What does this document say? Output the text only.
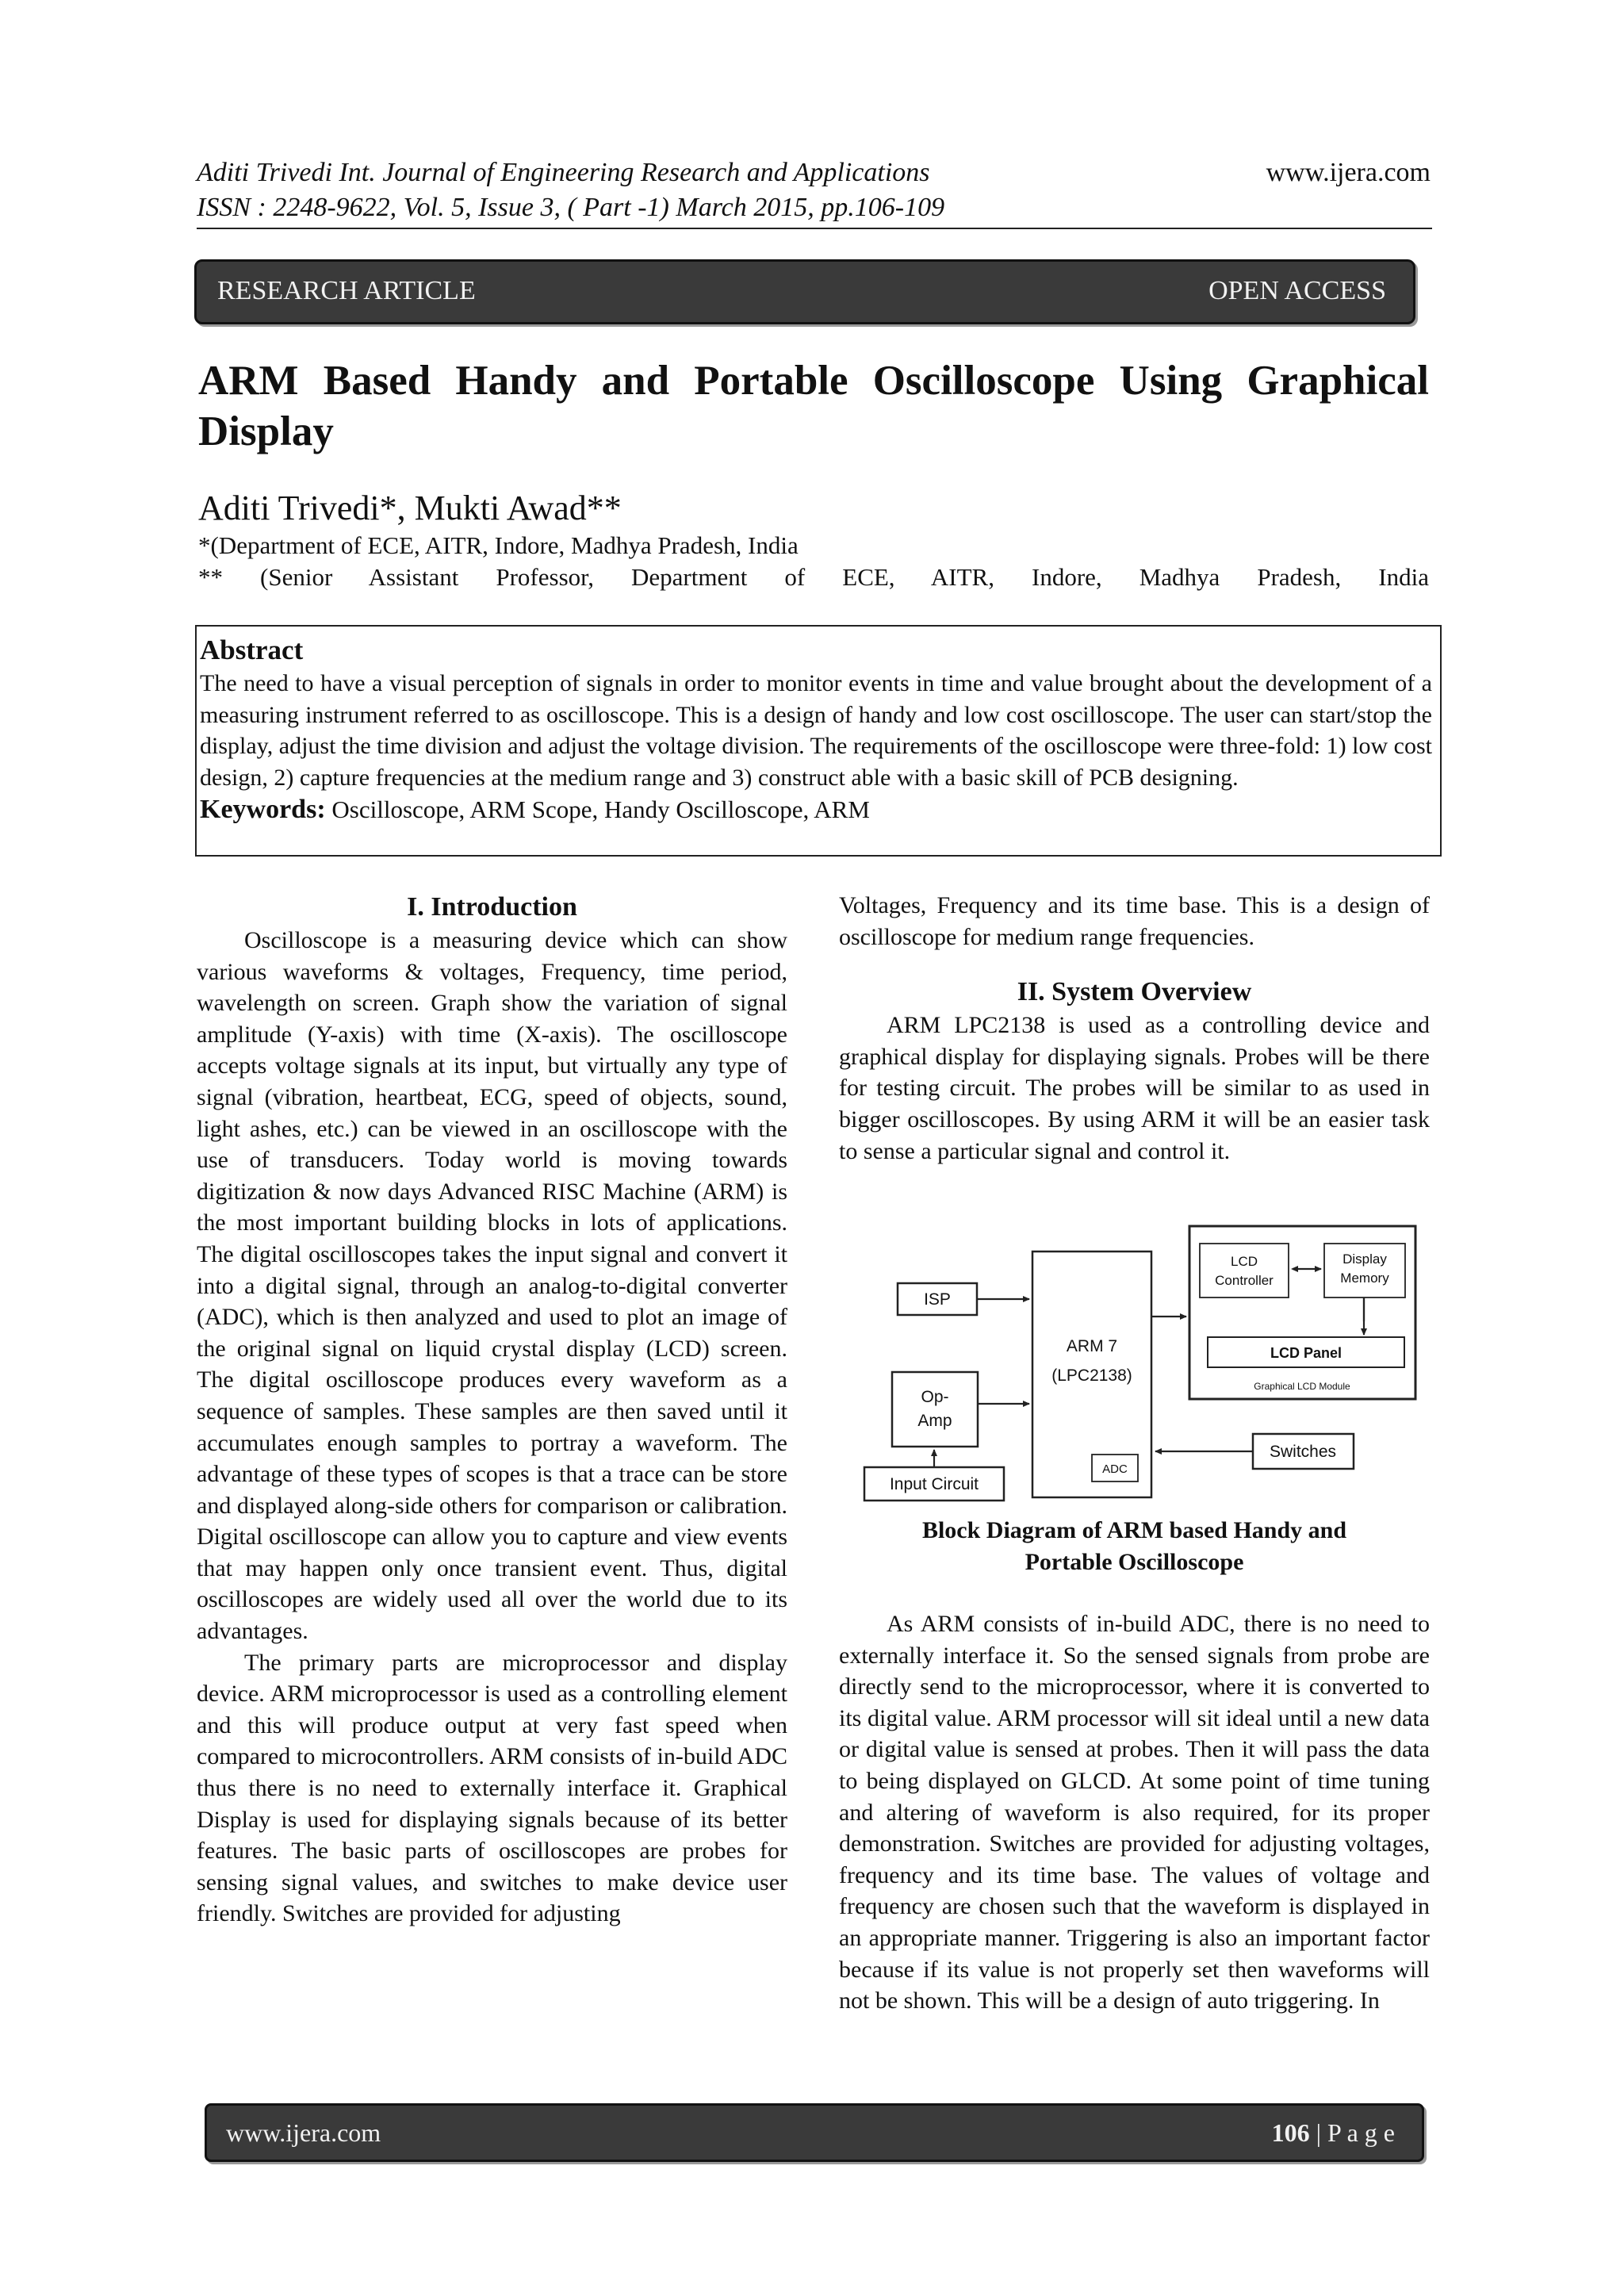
Aditi Trivedi Int. Journal of Engineering Research and Applications
ISSN : 2248-9622, Vol. 5, Issue 3, ( Part -1) March 2015, pp.106-109
www.ijera.com
RESEARCH ARTICLE	OPEN ACCESS
ARM Based Handy and Portable Oscilloscope Using Graphical Display
Aditi Trivedi*, Mukti Awad**
*(Department of ECE, AITR, Indore, Madhya Pradesh, India
** (Senior Assistant Professor, Department of ECE, AITR, Indore, Madhya Pradesh, India
Abstract

The need to have a visual perception of signals in order to monitor events in time and value brought about the development of a measuring instrument referred to as oscilloscope. This is a design of handy and low cost oscilloscope. The user can start/stop the display, adjust the time division and adjust the voltage division. The requirements of the oscilloscope were three-fold: 1) low cost design, 2) capture frequencies at the medium range and 3) construct able with a basic skill of PCB designing.

Keywords: Oscilloscope, ARM Scope, Handy Oscilloscope, ARM

I. Introduction

Oscilloscope is a measuring device which can show various waveforms & voltages, Frequency, time period, wavelength on screen. Graph show the variation of signal amplitude (Y-axis) with time (X-axis). The oscilloscope accepts voltage signals at its input, but virtually any type of signal (vibration, heartbeat, ECG, speed of objects, sound, light ashes, etc.) can be viewed in an oscilloscope with the use of transducers. Today world is moving towards digitization & now days Advanced RISC Machine (ARM) is the most important building blocks in lots of applications. The digital oscilloscopes takes the input signal and convert it into a digital signal, through an analog-to-digital converter (ADC), which is then analyzed and used to plot an image of the original signal on liquid crystal display (LCD) screen. The digital oscilloscope produces every waveform as a sequence of samples. These samples are then saved until it accumulates enough samples to portray a waveform. The advantage of these types of scopes is that a trace can be store and displayed along-side others for comparison or calibration. Digital oscilloscope can allow you to capture and view events that may happen only once transient event. Thus, digital oscilloscopes are widely used all over the world due to its advantages.

The primary parts are microprocessor and display device. ARM microprocessor is used as a controlling element and this will produce output at very fast speed when compared to microcontrollers. ARM consists of in-build ADC thus there is no need to externally interface it. Graphical Display is used for displaying signals because of its better features. The basic parts of oscilloscopes are probes for sensing signal values, and switches to make device user friendly. Switches are provided for adjusting

Voltages, Frequency and its time base. This is a design of oscilloscope for medium range frequencies.

II. System Overview

ARM LPC2138 is used as a controlling device and graphical display for displaying signals. Probes will be there for testing circuit. The probes will be similar to as used in bigger oscilloscopes. By using ARM it will be an easier task to sense a particular signal and control it.

ISP
Op-
Amp
Input Circuit
ARM 7
(LPC2138)
ADC
LCD
Controller
Display
Memory
LCD Panel
Graphical LCD Module
Switches
Block Diagram of ARM based Handy and
Portable Oscilloscope

As ARM consists of in-build ADC, there is no need to externally interface it. So the sensed signals from probe are directly send to the microprocessor, where it is converted to its digital value. ARM processor will sit ideal until a new data or digital value is sensed at probes. Then it will pass the data to being displayed on GLCD. At some point of time tuning and altering of waveform is also required, for its proper demonstration. Switches are provided for adjusting voltages, frequency and its time base. The values of voltage and frequency are chosen such that the waveform is displayed in an appropriate manner. Triggering is also an important factor because if its value is not properly set then waveforms will not be shown. This will be a design of auto triggering. In

www.ijera.com	106 | P a g e
